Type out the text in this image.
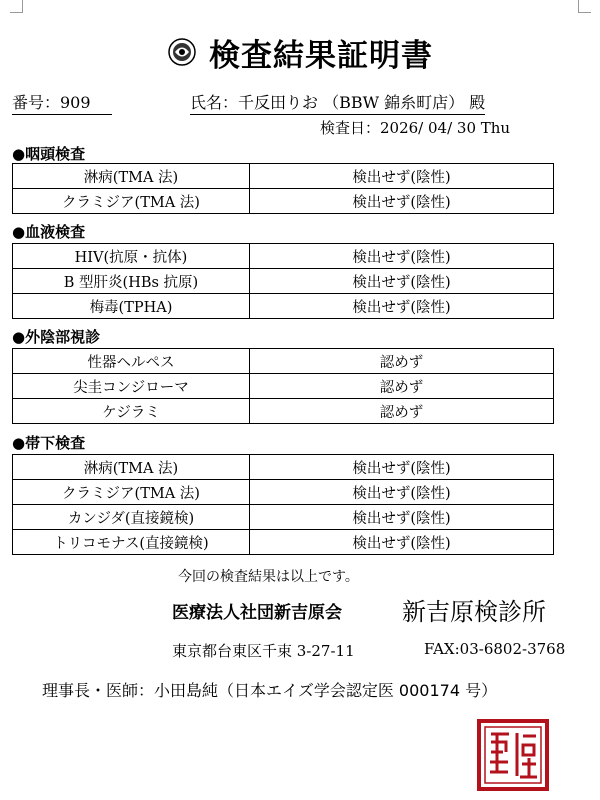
検査結果証明書
番号：909	氏名：千反田りお （BBW 錦糸町店） 殿
検査日：2026/ 04/ 30 Thu
●咽頭検査
淋病(TMA 法)	検出せず(陰性)
クラミジア(TMA 法)	検出せず(陰性)
●血液検査
HIV(抗原・抗体)	検出せず(陰性)
B 型肝炎(HBs 抗原)	検出せず(陰性)
梅毒(TPHA)	検出せず(陰性)
●外陰部視診
性器ヘルペス	認めず
尖圭コンジローマ	認めず
ケジラミ	認めず
●帯下検査
淋病(TMA 法)	検出せず(陰性)
クラミジア(TMA 法)	検出せず(陰性)
カンジダ(直接鏡検)	検出せず(陰性)
トリコモナス(直接鏡検)	検出せず(陰性)
今回の検査結果は以上です。
医療法人社団新吉原会	新吉原検診所
東京都台東区千束 3-27-11	FAX:03-6802-3768
理事長・医師：小田島純（日本エイズ学会認定医 000174 号）
